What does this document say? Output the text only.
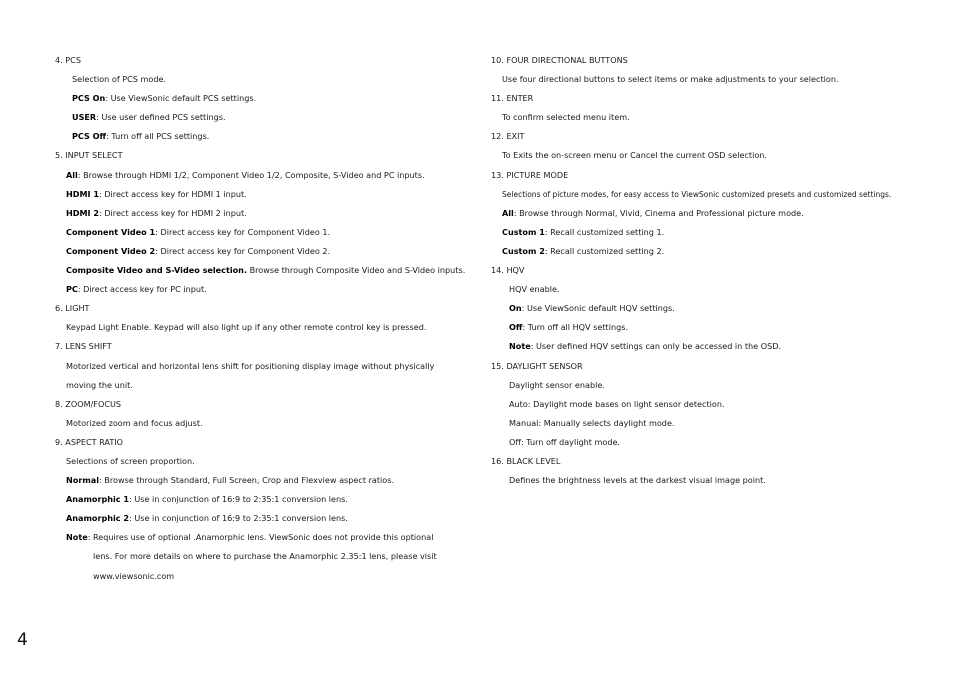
4. PCS
Selection of PCS mode.
PCS On: Use ViewSonic default PCS settings.
USER: Use user defined PCS settings.
PCS Off: Turn off all PCS settings.
5. INPUT SELECT
All: Browse through HDMI 1/2, Component Video 1/2, Composite, S-Video and PC inputs.
HDMI 1: Direct access key for HDMI 1 input.
HDMI 2: Direct access key for HDMI 2 input.
Component Video 1: Direct access key for Component Video 1.
Component Video 2: Direct access key for Component Video 2.
Composite Video and S-Video selection. Browse through Composite Video and S-Video inputs.
PC: Direct access key for PC input.
6. LIGHT
Keypad Light Enable. Keypad will also light up if any other remote control key is pressed.
7. LENS SHIFT
Motorized vertical and horizontal lens shift for positioning display image without physically
moving the unit.
8. ZOOM/FOCUS
Motorized zoom and focus adjust.
9. ASPECT RATIO
Selections of screen proportion.
Normal: Browse through Standard, Full Screen, Crop and Flexview aspect ratios.
Anamorphic 1: Use in conjunction of 16:9 to 2:35:1 conversion lens.
Anamorphic 2: Use in conjunction of 16:9 to 2:35:1 conversion lens.
Note: Requires use of optional .Anamorphic lens. ViewSonic does not provide this optional
lens. For more details on where to purchase the Anamorphic 2.35:1 lens, please visit
www.viewsonic.com
10. FOUR DIRECTIONAL BUTTONS
Use four directional buttons to select items or make adjustments to your selection.
11. ENTER
To confirm selected menu item.
12. EXIT
To Exits the on-screen menu or Cancel the current OSD selection.
13. PICTURE MODE
Selections of picture modes, for easy access to ViewSonic customized presets and customized settings.
All: Browse through Normal, Vivid, Cinema and Professional picture mode.
Custom 1: Recall customized setting 1.
Custom 2: Recall customized setting 2.
14. HQV
HQV enable.
On: Use ViewSonic default HQV settings.
Off: Turn off all HQV settings.
Note: User defined HQV settings can only be accessed in the OSD.
15. DAYLIGHT SENSOR
Daylight sensor enable.
Auto: Daylight mode bases on light sensor detection.
Manual: Manually selects daylight mode.
Off: Turn off daylight mode.
16. BLACK LEVEL
Defines the brightness levels at the darkest visual image point.
4
